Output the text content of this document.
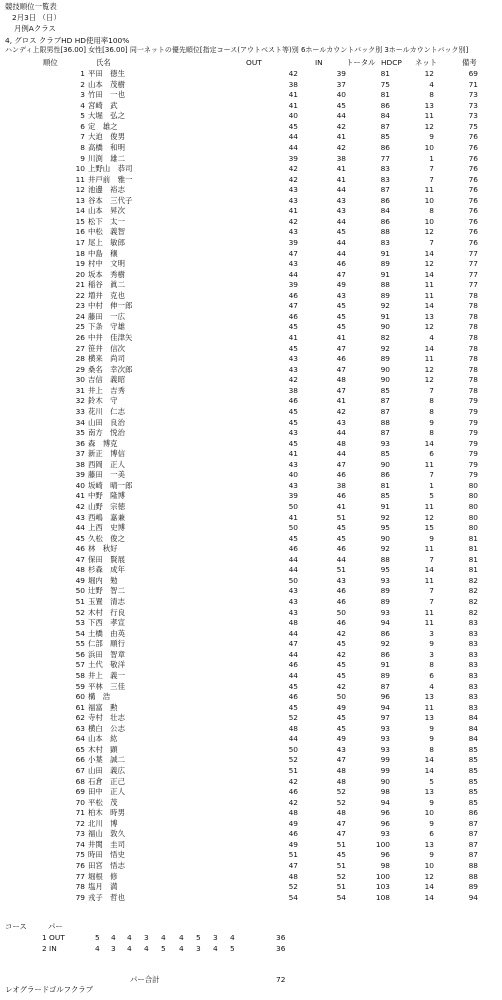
競技順位一覧表
2月3日 （日）
月例Aクラス
4, グロス クラブHD HD使用率100%
ハンディ上限男性[36.00] 女性[36.00] 同一ネットの優先順位[指定コース(アウトベスト等)別 6ホールカウントバック別 3ホールカウントバック別]
順位	氏名	OUT	IN	トータル HDCP ネット	備考
1 平田　徳生	42	39	81	12	69
2 山本　茂樹	38	37	75	4	71
3 竹田　一也	41	40	81	8	73
4 宮崎　武	41	45	86	13	73
5 大堀　弘之	40	44	84	11	73
6 定　雄之	45	42	87	12	75
7 大迫　俊男	44	41	85	9	76
8 高橋　和明	44	42	86	10	76
9 川渕　雄二	39	38	77	1	76
10 上野山　恭司	42	41	83	7	76
11 井戸前　雅一	42	41	83	7	76
12 池邊　裕志	43	44	87	11	76
13 谷本　三代子	43	43	86	10	76
14 山本　昇次	41	43	84	8	76
15 松下　太一	42	44	86	10	76
16 中松　義智	43	45	88	12	76
17 尾上　敏郎	39	44	83	7	76
18 中島　穣	47	44	91	14	77
19 村中　文明	43	46	89	12	77
20 坂本　秀樹	44	47	91	14	77
21 稲谷　眞二	39	49	88	11	77
22 増井　克也	46	43	89	11	78
23 中村　伸一郎	47	45	92	14	78
24 藤田　一広	46	45	91	13	78
25 下条　守雄	45	45	90	12	78
26 中井　佳津矢	41	41	82	4	78
27 笹井　信次	45	47	92	14	78
28 横来　尚司	43	46	89	11	78
29 桑名　幸次郎	43	47	90	12	78
30 吉信　義昭	42	48	90	12	78
31 井上　吉秀	38	47	85	7	78
32 鈴木　守	46	41	87	8	79
33 花川　仁志	45	42	87	8	79
34 山田　良治	45	43	88	9	79
35 南方　悦治	43	44	87	8	79
36 森　博克	45	48	93	14	79
37 新正　博信	41	44	85	6	79
38 西岡　正人	43	47	90	11	79
39 藤田　一美	40	46	86	7	79
40 坂崎　晴一郎	43	38	81	1	80
41 中野　隆博	39	46	85	5	80
42 山野　宗徳	50	41	91	11	80
43 西嶋　嘉兼	41	51	92	12	80
44 上西　史博	50	45	95	15	80
45 久松　俊之	45	45	90	9	81
46 林　秋好	46	46	92	11	81
47 保田　賢展	44	44	88	7	81
48 杉森　成年	44	51	95	14	81
49 堀内　勉	50	43	93	11	82
50 辻野　智二	43	46	89	7	82
51 玉置　清志	43	46	89	7	82
52 木村　行良	43	50	93	11	82
53 下西　孝宣	48	46	94	11	83
54 土橋　由英	44	42	86	3	83
55 仁部　順行	47	45	92	9	83
56 浜田　智章	44	42	86	3	83
57 土代　敬洋	46	45	91	8	83
58 井上　義一	44	45	89	6	83
59 平林　三佳	45	42	87	4	83
60 構　浩	46	50	96	13	83
61 福富　勲	45	49	94	11	83
62 寺村　壮志	52	45	97	13	84
63 横白　公志	48	45	93	9	84
64 山本　紘	44	49	93	9	84
65 木村　顕	50	43	93	8	85
66 小葉　誠二	52	47	99	14	85
67 山田　義広	51	48	99	14	85
68 石倉　正己	42	48	90	5	85
69 田中　正人	46	52	98	13	85
70 平松　茂	42	52	94	9	85
71 柏木　時男	48	48	96	10	86
72 北川　博	49	47	96	9	87
73 福山　敦久	46	47	93	6	87
74 井関　圭司	49	51	100	13	87
75 時田　悟史	51	45	96	9	87
76 田宮　悟志	47	51	98	10	88
77 堀根　修	48	52	100	12	88
78 塩月　満	52	51	103	14	89
79 戎子　哲也	54	54	108	14	94
コース	パー
1 OUT	5 4 4 3 4 4 5 3 4	36
2 IN	4 3 4 4 5 4 3 4 5	36
パー合計	72
レオグラードゴルフクラブ
